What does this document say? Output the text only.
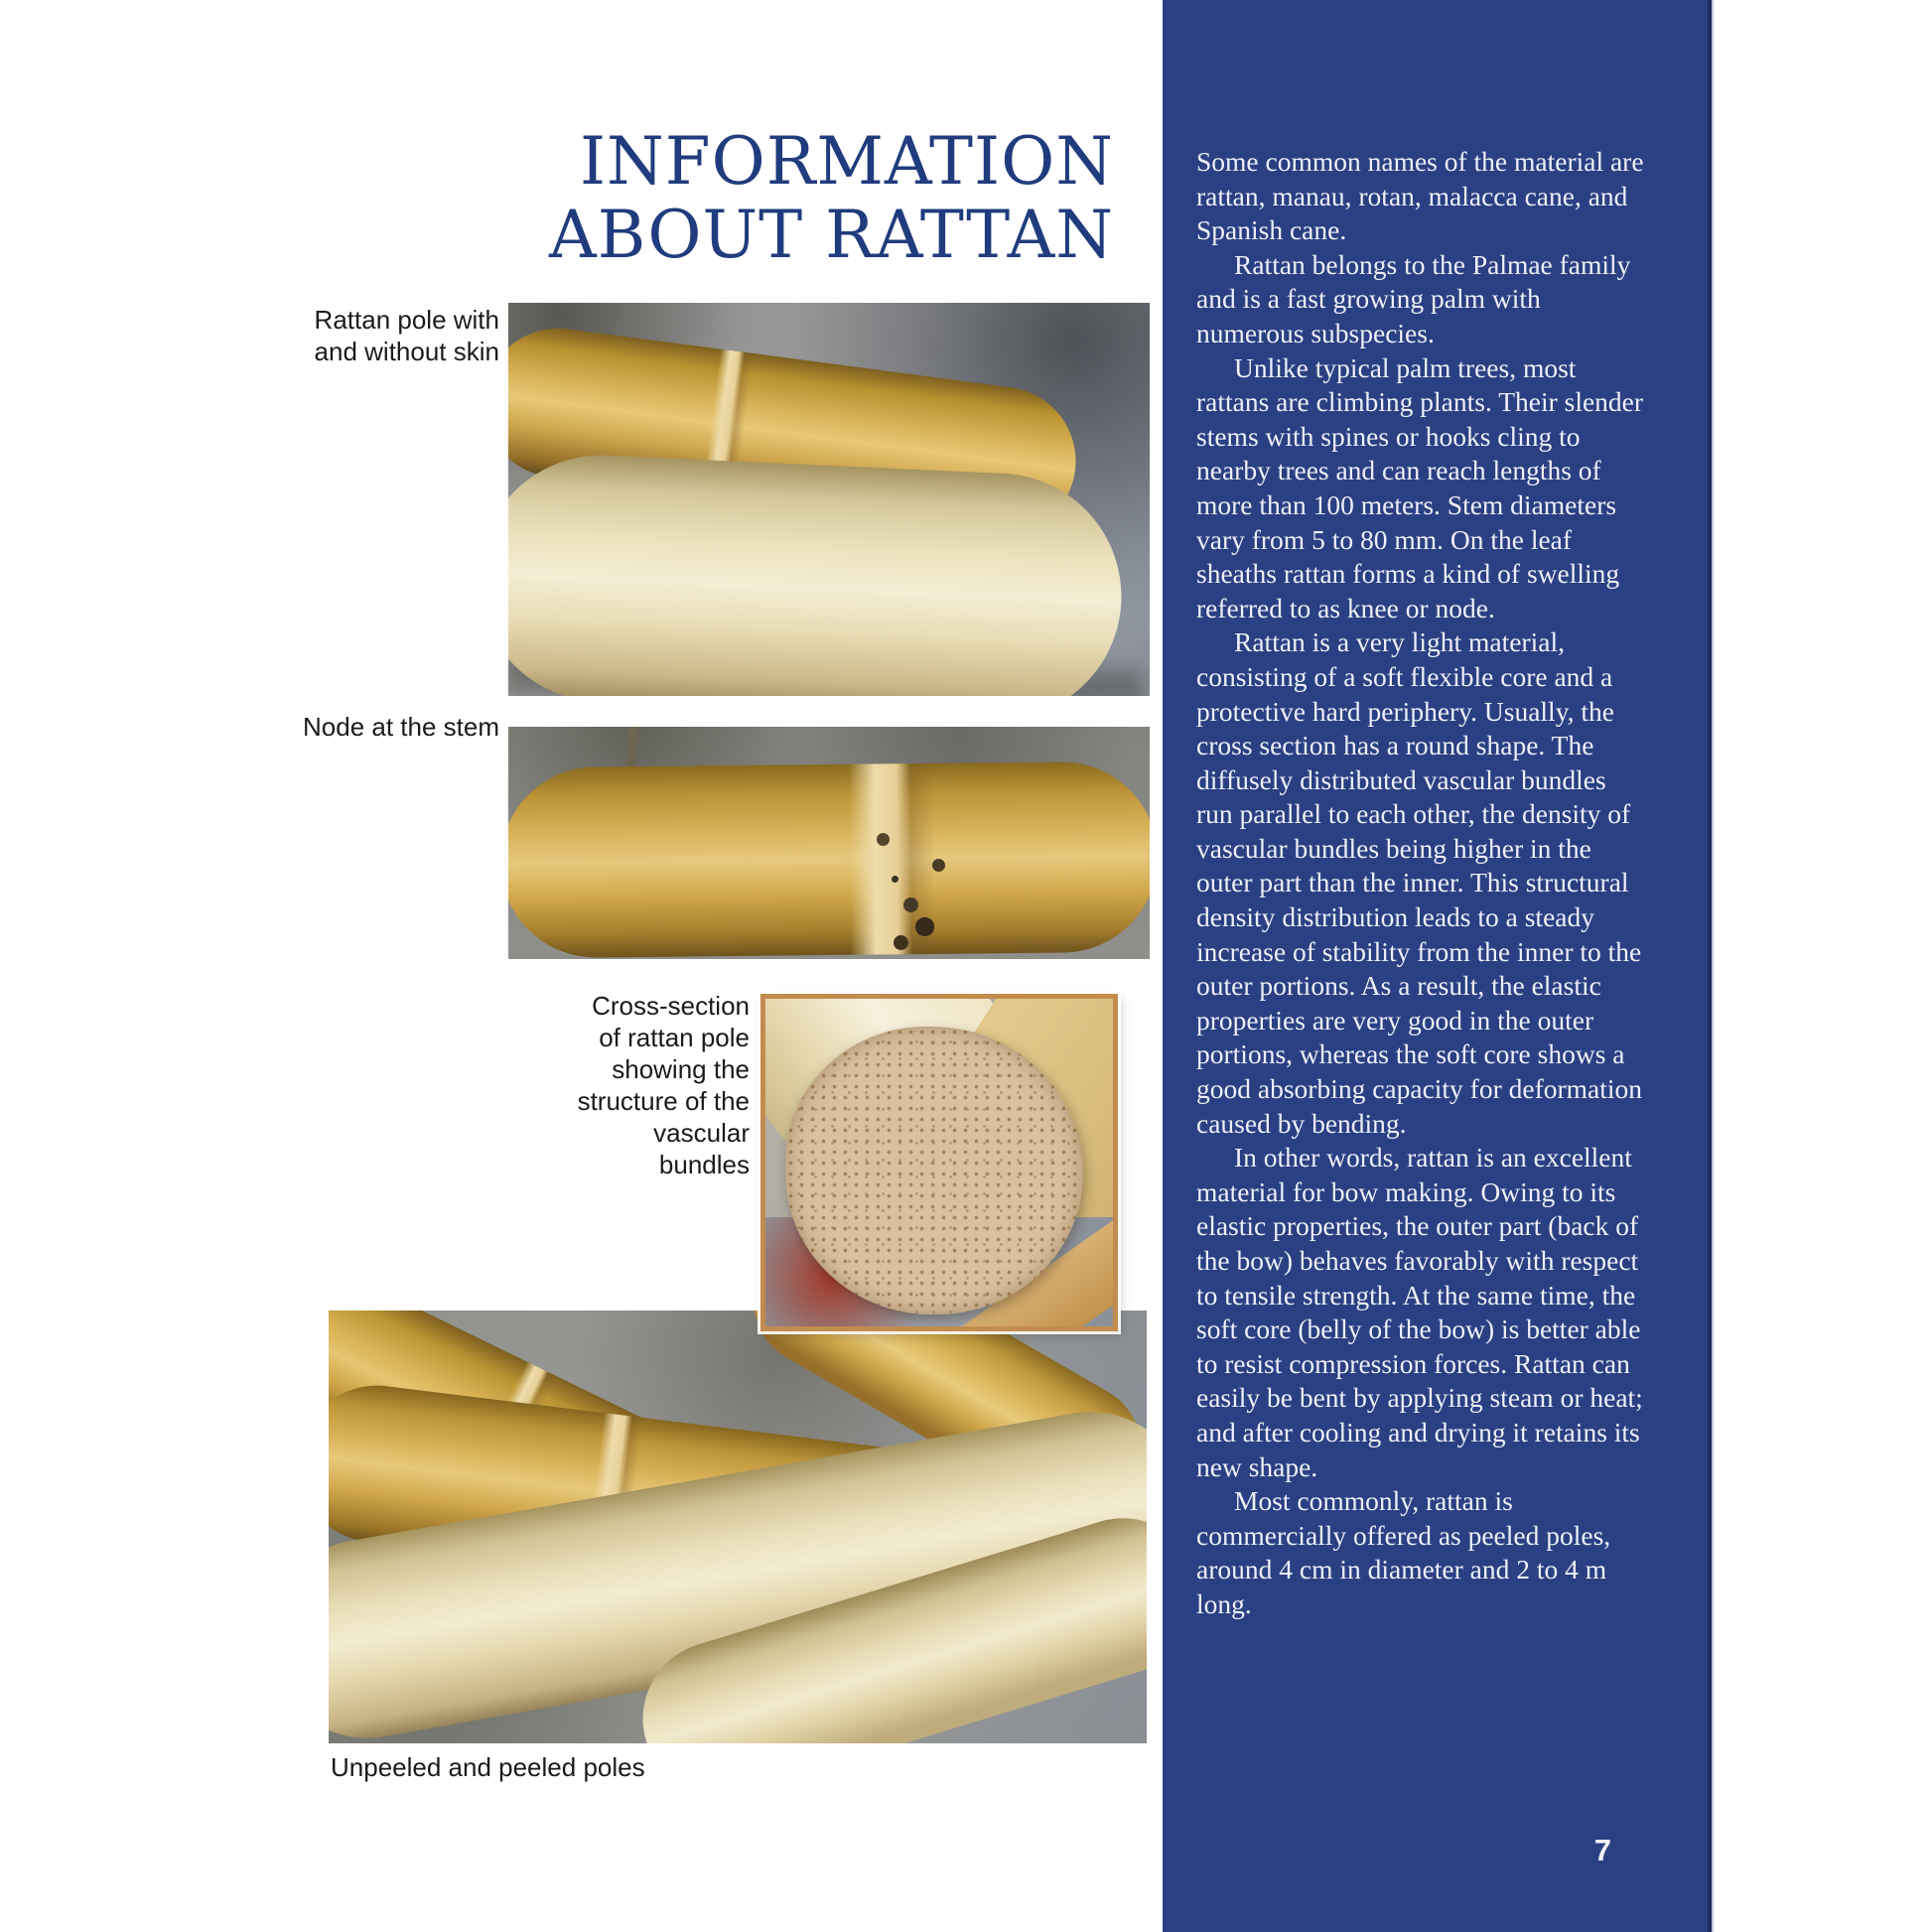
INFORMATION
ABOUT RATTAN
Rattan pole with and without skin
Node at the stem
Cross-section of rattan pole showing the structure of the vascular bundles
Unpeeled and peeled poles

Some common names of the material are rattan, manau, rotan, malacca cane, and Spanish cane.

Rattan belongs to the Palmae family and is a fast growing palm with numerous subspecies.

Unlike typical palm trees, most rattans are climbing plants. Their slender stems with spines or hooks cling to nearby trees and can reach lengths of more than 100 meters. Stem diameters vary from 5 to 80 mm. On the leaf sheaths rattan forms a kind of swelling referred to as knee or node.

Rattan is a very light material, consisting of a soft flexible core and a protective hard periphery. Usually, the cross section has a round shape. The diffusely distributed vascular bundles run parallel to each other, the density of vascular bundles being higher in the outer part than the inner. This structural density distribution leads to a steady increase of stability from the inner to the outer portions. As a result, the elastic properties are very good in the outer portions, whereas the soft core shows a good absorbing capacity for deformation caused by bending.

In other words, rattan is an excellent material for bow making. Owing to its elastic properties, the outer part (back of the bow) behaves favorably with respect to tensile strength. At the same time, the soft core (belly of the bow) is better able to resist compression forces. Rattan can easily be bent by applying steam or heat; and after cooling and drying it retains its new shape.

Most commonly, rattan is commercially offered as peeled poles, around 4 cm in diameter and 2 to 4 m long.

7
